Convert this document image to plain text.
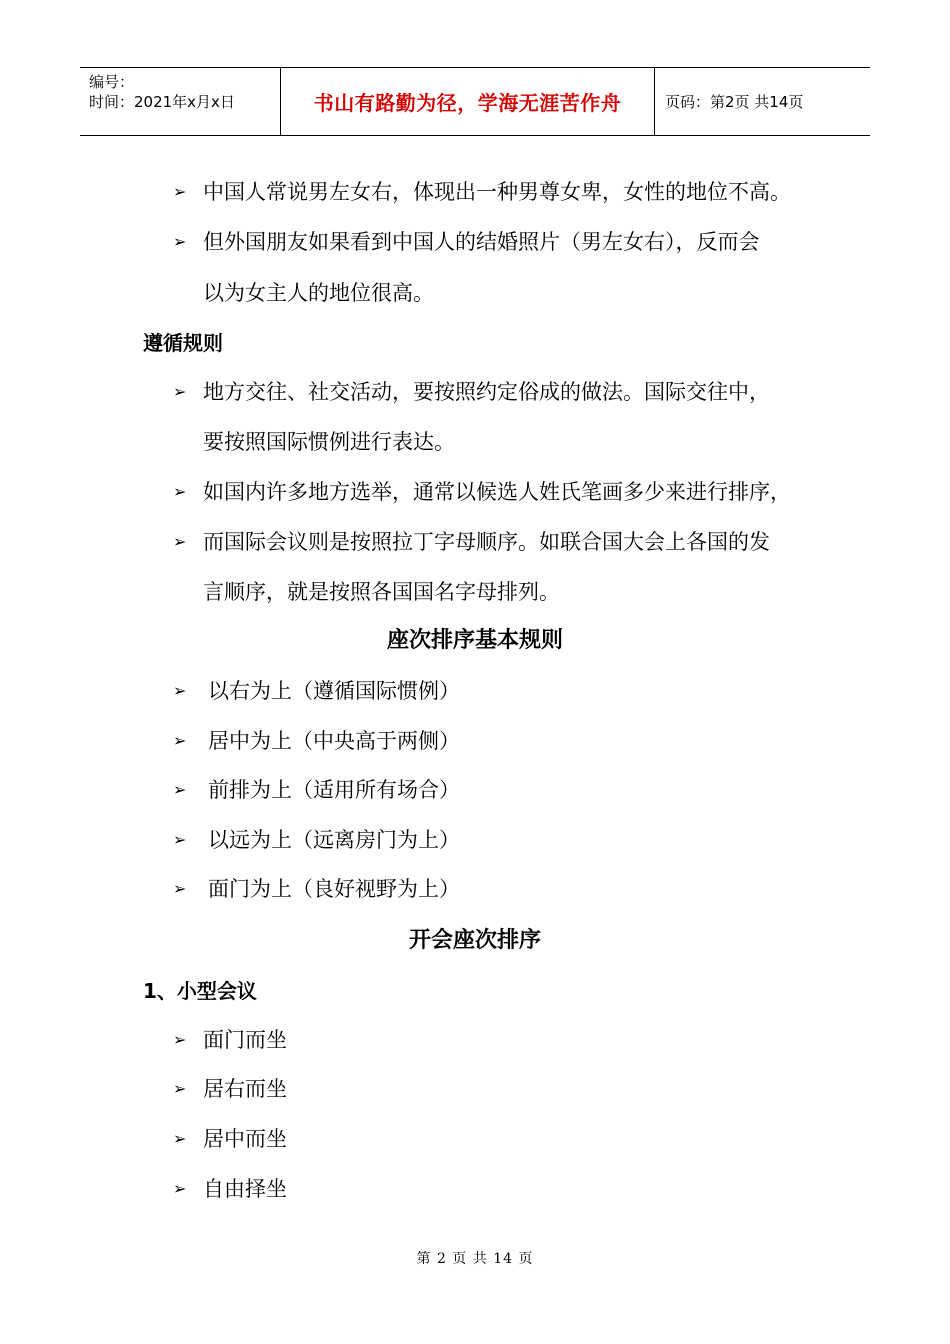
编号：
时间：2021年x月x日	书山有路勤为径，学海无涯苦作舟	页码：第2页 共14页
➢ 中国人常说男左女右，体现出一种男尊女卑，女性的地位不高。
➢ 但外国朋友如果看到中国人的结婚照片（男左女右），反而会
以为女主人的地位很高。
遵循规则
➢ 地方交往、社交活动，要按照约定俗成的做法。国际交往中，
要按照国际惯例进行表达。
➢ 如国内许多地方选举，通常以候选人姓氏笔画多少来进行排序，
➢ 而国际会议则是按照拉丁字母顺序。如联合国大会上各国的发
言顺序，就是按照各国国名字母排列。
座次排序基本规则
➢ 以右为上（遵循国际惯例）
➢ 居中为上（中央高于两侧）
➢ 前排为上（适用所有场合）
➢ 以远为上（远离房门为上）
➢ 面门为上（良好视野为上）
开会座次排序
1、小型会议
➢ 面门而坐
➢ 居右而坐
➢ 居中而坐
➢ 自由择坐
第 2 页 共 14 页
